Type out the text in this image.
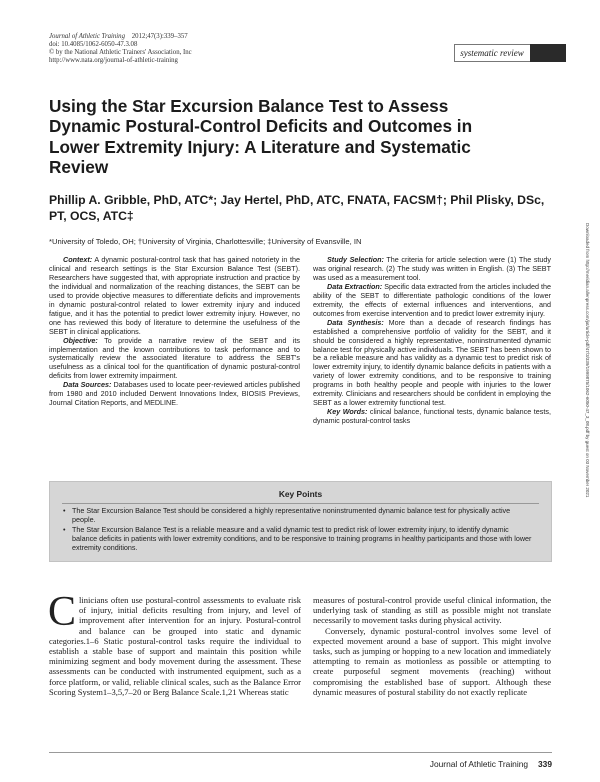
Journal of Athletic Training 2012;47(3):339–357
doi: 10.4085/1062-6050-47.3.08
© by the National Athletic Trainers' Association, Inc
http://www.nata.org/journal-of-athletic-training
systematic review
Using the Star Excursion Balance Test to Assess Dynamic Postural-Control Deficits and Outcomes in Lower Extremity Injury: A Literature and Systematic Review
Phillip A. Gribble, PhD, ATC*; Jay Hertel, PhD, ATC, FNATA, FACSM†; Phil Plisky, DSc, PT, OCS, ATC‡
*University of Toledo, OH; †University of Virginia, Charlottesville; ‡University of Evansville, IN	Downloaded from http://meridian.allenpress.com/jat/article-pdf/47/3/339/1999875/1062-6050-47_3_08.pdf by guest on 03 November 2021

Context: A dynamic postural-control task that has gained notoriety in the clinical and research settings is the Star Excursion Balance Test (SEBT). Researchers have suggested that, with appropriate instruction and practice by the individual and normalization of the reaching distances, the SEBT can be used to provide objective measures to differentiate deficits and improvements in dynamic postural-control related to lower extremity injury and induced fatigue, and it has the potential to predict lower extremity injury. However, no one has reviewed this body of literature to determine the usefulness of the SEBT in clinical applications.

Objective: To provide a narrative review of the SEBT and its implementation and the known contributions to task performance and to systematically review the associated literature to address the SEBT's usefulness as a clinical tool for the quantification of dynamic postural-control deficits from lower extremity impairment.

Data Sources: Databases used to locate peer-reviewed articles published from 1980 and 2010 included Derwent Innovations Index, BIOSIS Previews, Journal Citation Reports, and MEDLINE.

Study Selection: The criteria for article selection were (1) The study was original research. (2) The study was written in English. (3) The SEBT was used as a measurement tool.

Data Extraction: Specific data extracted from the articles included the ability of the SEBT to differentiate pathologic conditions of the lower extremity, the effects of external influences and interventions, and outcomes from exercise intervention and to predict lower extremity injury.

Data Synthesis: More than a decade of research findings has established a comprehensive portfolio of validity for the SEBT, and it should be considered a highly representative, noninstrumented dynamic balance test for physically active individuals. The SEBT has been shown to be a reliable measure and has validity as a dynamic test to predict risk of lower extremity injury, to identify dynamic balance deficits in patients with a variety of lower extremity conditions, and to be responsive to training programs in both healthy people and people with injuries to the lower extremity. Clinicians and researchers should be confident in employing the SEBT as a lower extremity functional test.

Key Words: clinical balance, functional tests, dynamic balance tests, dynamic postural-control tasks

Key Points
• The Star Excursion Balance Test should be considered a highly representative noninstrumented dynamic balance test for physically active people.
• The Star Excursion Balance Test is a reliable measure and a valid dynamic test to predict risk of lower extremity injury, to identify dynamic balance deficits in patients with lower extremity conditions, and to be responsive to training programs in healthy participants and those with lower extremity conditions.

Clinicians often use postural-control assessments to evaluate risk of injury, initial deficits resulting from injury, and level of improvement after intervention for an injury. Postural-control and balance can be grouped into static and dynamic categories.1–6 Static postural-control tasks require the individual to establish a stable base of support and maintain this position while minimizing segment and body movement during the assessment. These assessments can be conducted with instrumented equipment, such as a force platform, or valid, reliable clinical scales, such as the Balance Error Scoring System1–3,5,7–20 or Berg Balance Scale.1,21 Whereas static

measures of postural-control provide useful clinical information, the underlying task of standing as still as possible might not translate necessarily to movement tasks during physical activity.

Conversely, dynamic postural-control involves some level of expected movement around a base of support. This might involve tasks, such as jumping or hopping to a new location and immediately attempting to remain as motionless as possible or attempting to create purposeful segment movements (reaching) without compromising the established base of support. Although these dynamic measures of postural stability do not exactly replicate

Journal of Athletic Training 339
